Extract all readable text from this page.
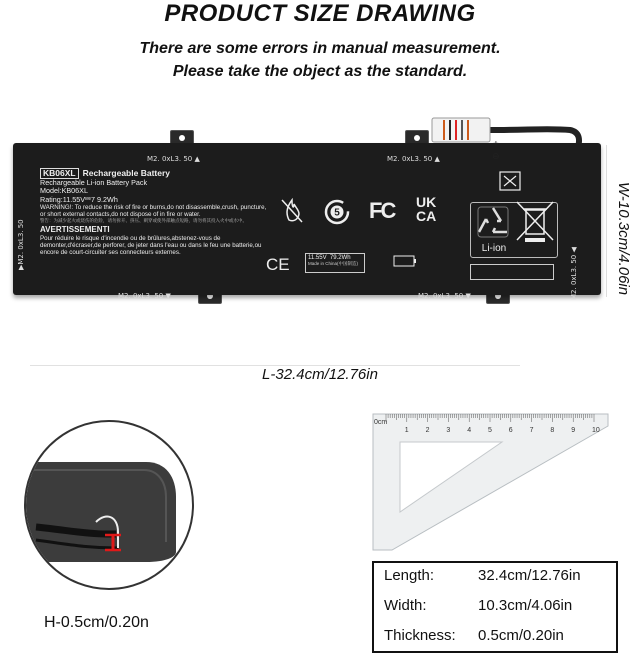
PRODUCT SIZE DRAWING
There are some errors in manual measurement.
Please take the object as the standard.
M2. 0xL3. 50 ▲	M2. 0xL3. 50 ▲
M2. 0xL3. 50 ▼	M2. 0xL3. 50 ▼
▶M2. 0xL3. 50
M2. 0xL3. 50 ◀
KB06XL Rechargeable Battery
Rechargeable Li-ion Battery Pack
Model:KB06XL
Rating:11.55V⎃7 9.2Wh
WARNING!: To reduce the risk of fire or burns,do not disassemble,crush, puncture, or short external contacts,do not dispose of in fire or water.
警告：为减少起火或烧伤的危险，请勿拆开、挤压、刺穿或使外部触点短路，请勿将其投入火中或水中。
AVERTISSEMENTI
Pour réduire le risque d'incendie ou de brûlures,abstenez-vous de demonter,d'écraser,de perforer, de jeter dans l'eau ou dans le feu une batterie,ou encore de court-circuiter ses connecteurs externes.
5 FC UK
CA
Li-ion
+
⊖
CE	11.55V 79.2Wh
Made in China(中国制造)
L-32.4cm/12.76in
W-10.3cm/4.06in
H-0.5cm/0.20n
1 2 3 4 5 6 7 8 9 10
0cm
Length:	32.4cm/12.76in
Width:	10.3cm/4.06in
Thickness:	0.5cm/0.20in
